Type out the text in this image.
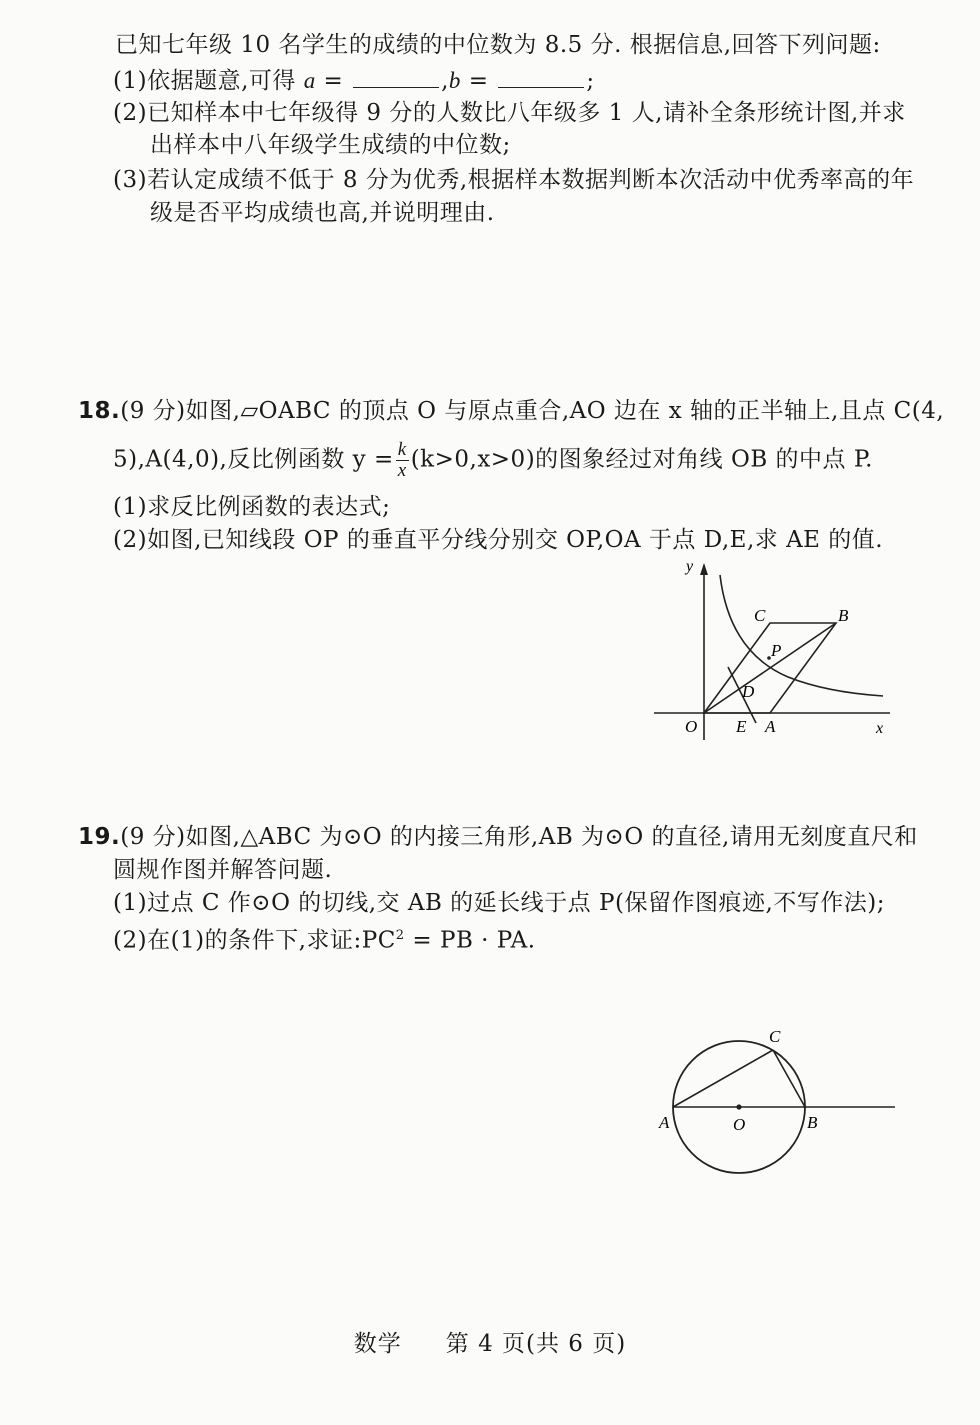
已知七年级 10 名学生的成绩的中位数为 8.5 分. 根据信息,回答下列问题:
(1)依据题意,可得 a =	,b =	;
(2)已知样本中七年级得 9 分的人数比八年级多 1 人,请补全条形统计图,并求
出样本中八年级学生成绩的中位数;
(3)若认定成绩不低于 8 分为优秀,根据样本数据判断本次活动中优秀率高的年
级是否平均成绩也高,并说明理由.
18.(9 分)如图,▱OABC 的顶点 O 与原点重合,AO 边在 x 轴的正半轴上,且点 C(4,
5),A(4,0),反比例函数 $y = \frac{k}{x} (k>0,x>0)$的图象经过对角线 OB 的中点 P.
(1)求反比例函数的表达式;
(2)如图,已知线段 OP 的垂直平分线分别交 OP,OA 于点 D,E,求 AE 的值.
y
x
O E A
B
C
P
D
19.(9 分)如图,△ABC 为⊙O 的内接三角形,AB 为⊙O 的直径,请用无刻度直尺和
圆规作图并解答问题.
(1)过点 C 作⊙O 的切线,交 AB 的延长线于点 P(保留作图痕迹,不写作法);
(2)在(1)的条件下,求证$:PC^2$ = PB · PA.
A	O	B
C
数学 第 4 页(共 6 页)
